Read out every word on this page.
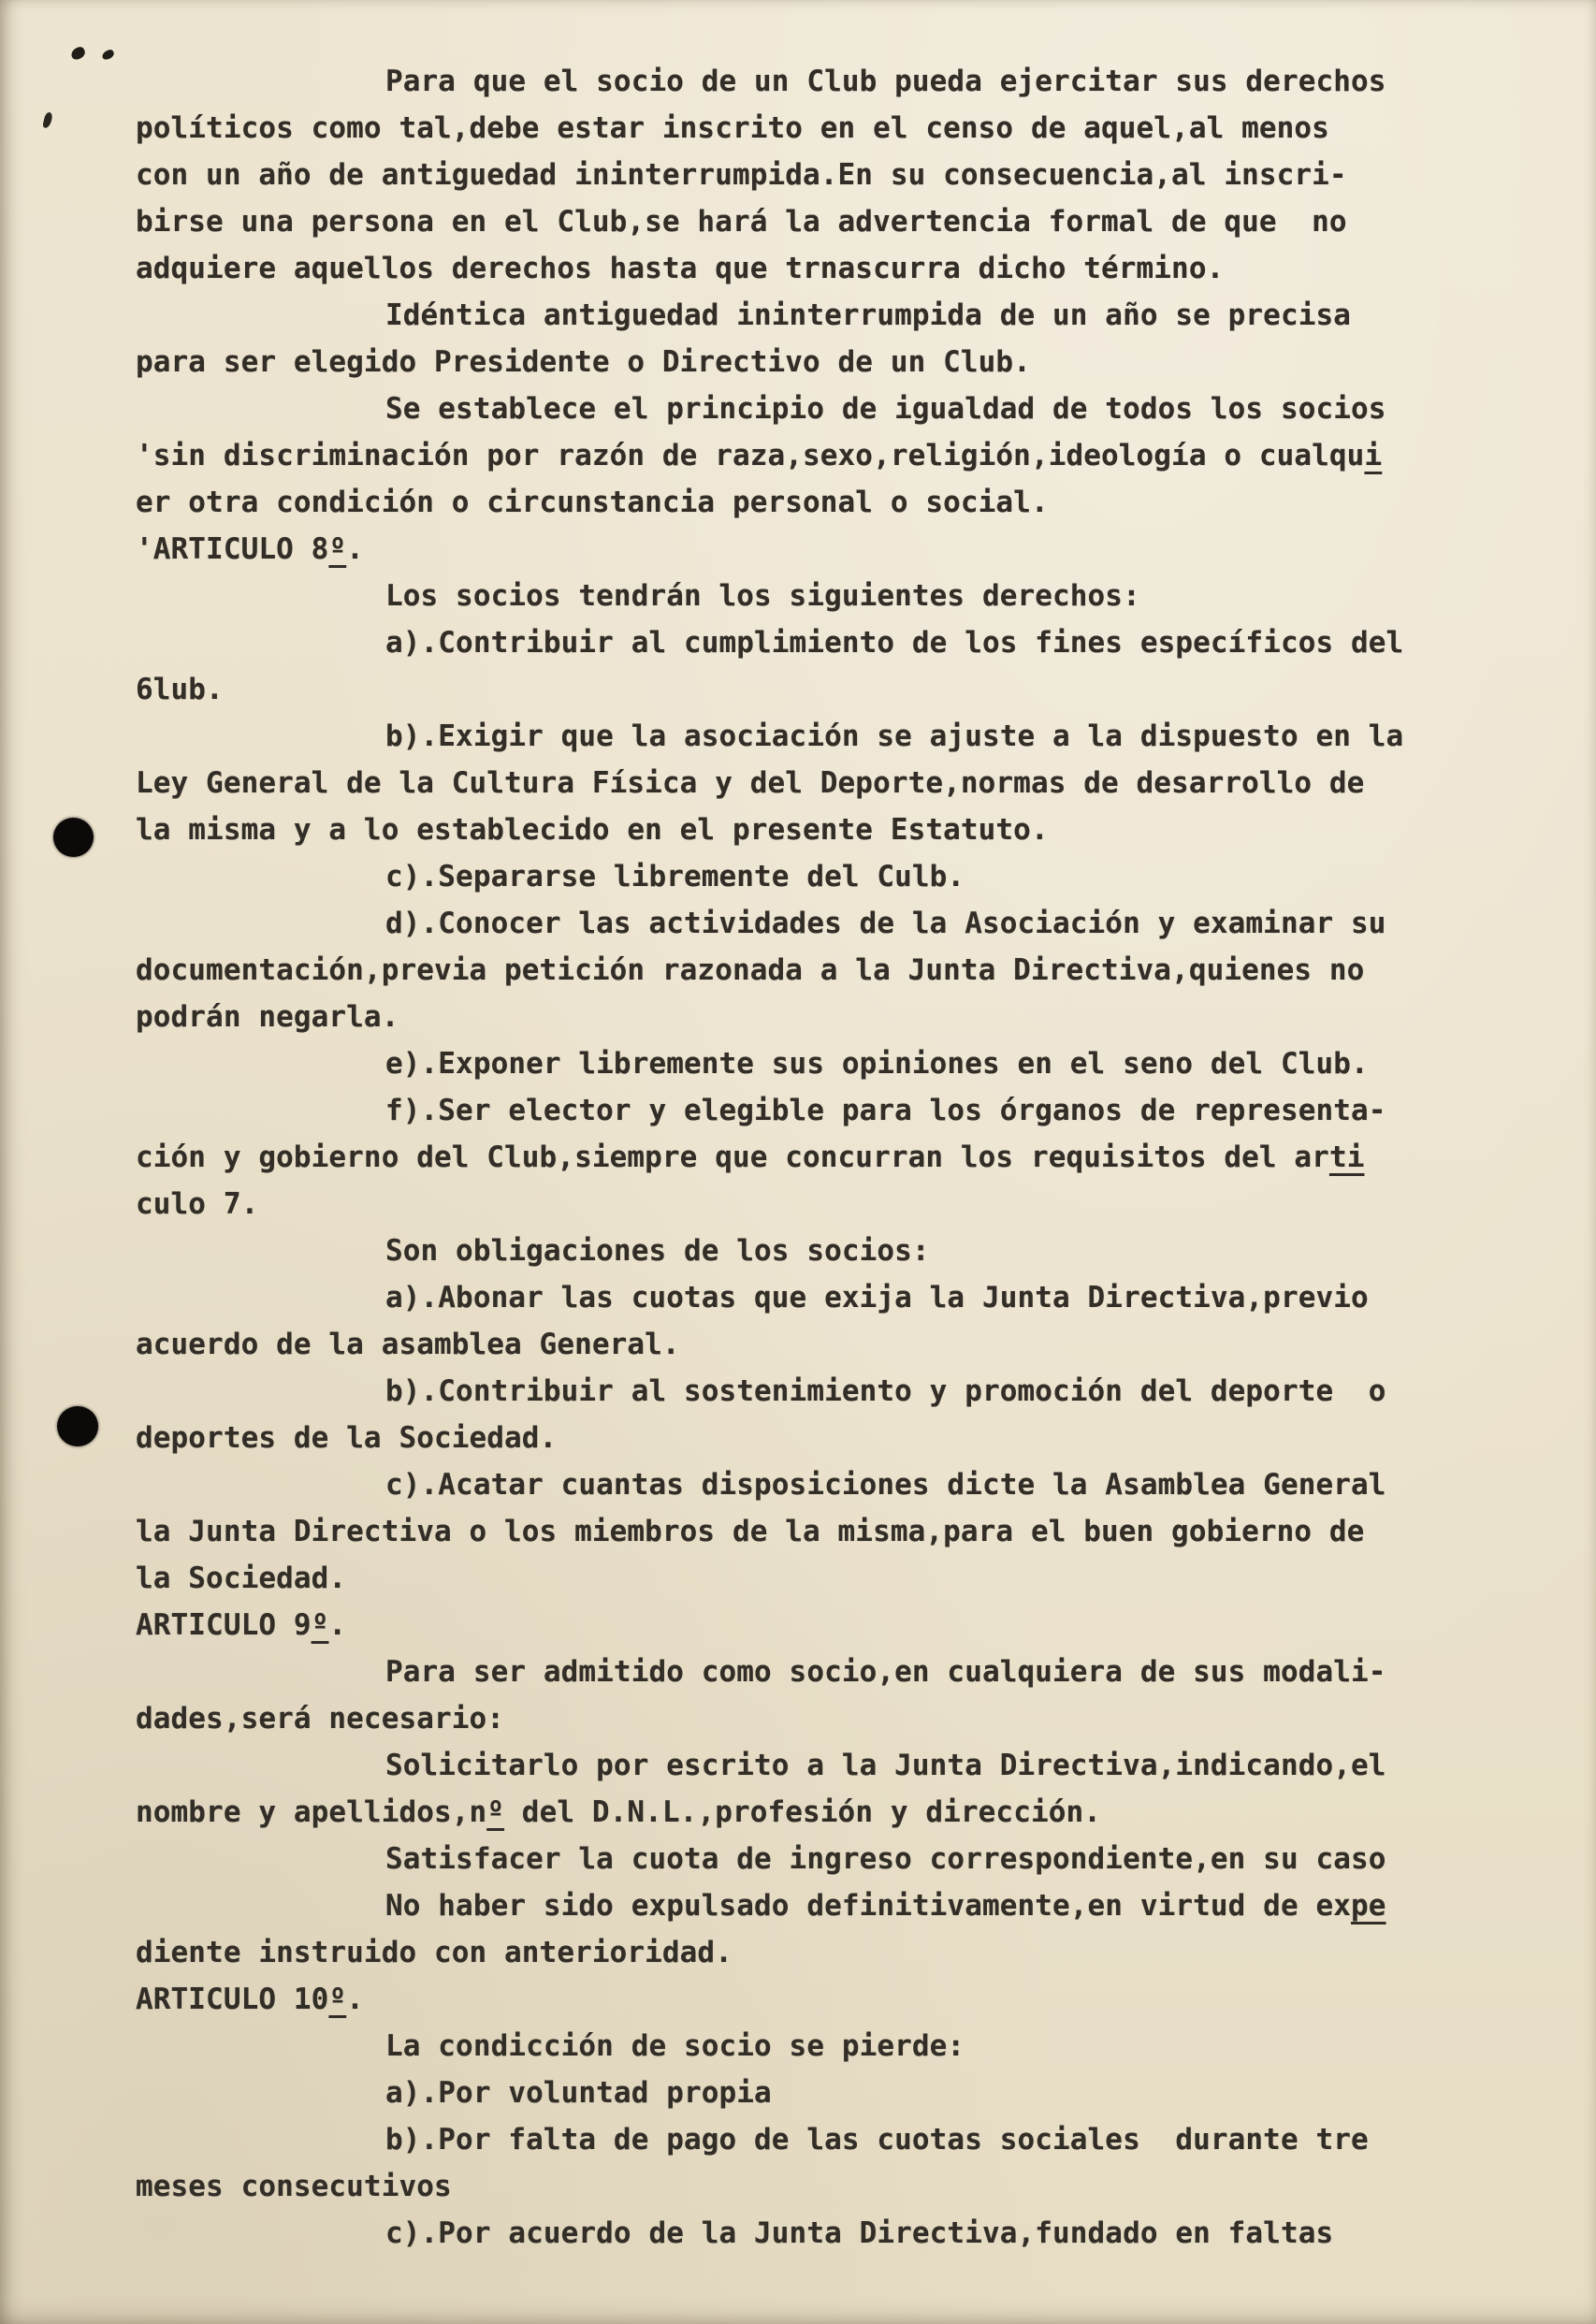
Para que el socio de un Club pueda ejercitar sus derechos
políticos como tal,debe estar inscrito en el censo de aquel,al menos
con un año de antiguedad ininterrumpida.En su consecuencia,al inscri-
birse una persona en el Club,se hará la advertencia formal de que  no
adquiere aquellos derechos hasta que trnascurra dicho término.
Idéntica antiguedad ininterrumpida de un año se precisa
para ser elegido Presidente o Directivo de un Club.
Se establece el principio de igualdad de todos los socios
'sin discriminación por razón de raza,sexo,religión,ideología o cualqui
er otra condición o circunstancia personal o social.
'ARTICULO 8º.
Los socios tendrán los siguientes derechos:
a).Contribuir al cumplimiento de los fines específicos del
6lub.
b).Exigir que la asociación se ajuste a la dispuesto en la
Ley General de la Cultura Física y del Deporte,normas de desarrollo de
la misma y a lo establecido en el presente Estatuto.
c).Separarse libremente del Culb.
d).Conocer las actividades de la Asociación y examinar su
documentación,previa petición razonada a la Junta Directiva,quienes no
podrán negarla.
e).Exponer libremente sus opiniones en el seno del Club.
f).Ser elector y elegible para los órganos de representa-
ción y gobierno del Club,siempre que concurran los requisitos del arti
culo 7.
Son obligaciones de los socios:
a).Abonar las cuotas que exija la Junta Directiva,previo
acuerdo de la asamblea General.
b).Contribuir al sostenimiento y promoción del deporte  o
deportes de la Sociedad.
c).Acatar cuantas disposiciones dicte la Asamblea General
la Junta Directiva o los miembros de la misma,para el buen gobierno de
la Sociedad.
ARTICULO 9º.
Para ser admitido como socio,en cualquiera de sus modali-
dades,será necesario:
Solicitarlo por escrito a la Junta Directiva,indicando,el
nombre y apellidos,nº del D.N.L.,profesión y dirección.
Satisfacer la cuota de ingreso correspondiente,en su caso
No haber sido expulsado definitivamente,en virtud de expe
diente instruido con anterioridad.
ARTICULO 10º.
La condicción de socio se pierde:
a).Por voluntad propia
b).Por falta de pago de las cuotas sociales  durante tre
meses consecutivos
c).Por acuerdo de la Junta Directiva,fundado en faltas
